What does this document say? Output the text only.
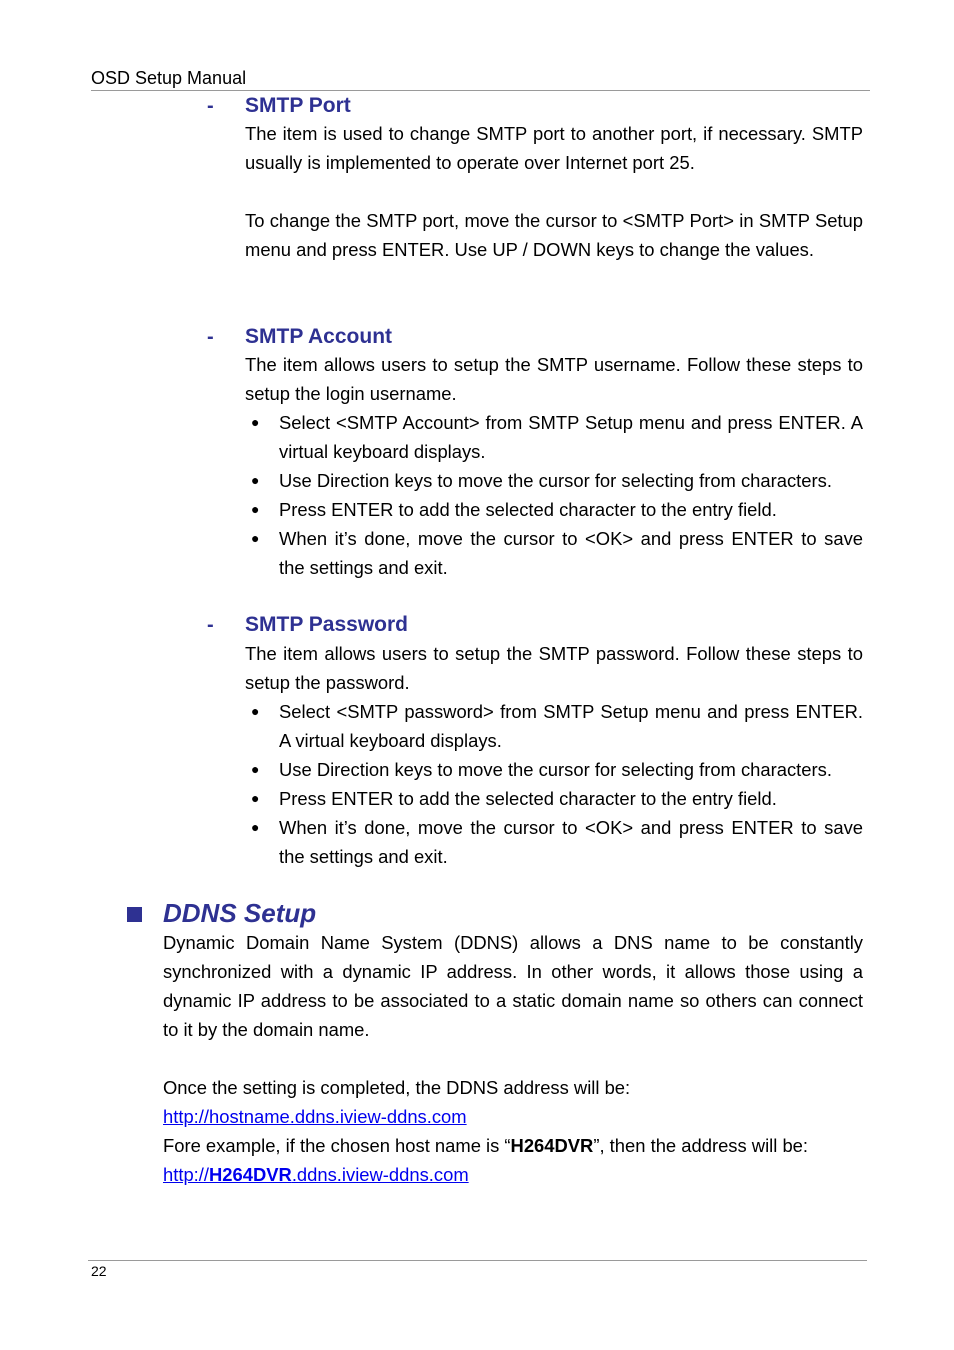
OSD Setup Manual
- SMTP Port

The item is used to change SMTP port to another port, if necessary. SMTP usually is implemented to operate over Internet port 25.

To change the SMTP port, move the cursor to <SMTP Port> in SMTP Setup menu and press ENTER. Use UP / DOWN keys to change the values.

- SMTP Account

The item allows users to setup the SMTP username. Follow these steps to setup the login username.

● Select <SMTP Account> from SMTP Setup menu and press ENTER. A virtual keyboard displays.
● Use Direction keys to move the cursor for selecting from characters.
● Press ENTER to add the selected character to the entry field.
● When it’s done, move the cursor to <OK> and press ENTER to save the settings and exit.
- SMTP Password

The item allows users to setup the SMTP password. Follow these steps to setup the password.

● Select <SMTP password> from SMTP Setup menu and press ENTER. A virtual keyboard displays.
● Use Direction keys to move the cursor for selecting from characters.
● Press ENTER to add the selected character to the entry field.
● When it’s done, move the cursor to <OK> and press ENTER to save the settings and exit.
DDNS Setup

Dynamic Domain Name System (DDNS) allows a DNS name to be constantly synchronized with a dynamic IP address. In other words, it allows those using a dynamic IP address to be associated to a static domain name so others can connect to it by the domain name.

Once the setting is completed, the DDNS address will be:

http://hostname.ddns.iview-ddns.com

Fore example, if the chosen host name is “H264DVR”, then the address will be:

http://H264DVR.ddns.iview-ddns.com

22
